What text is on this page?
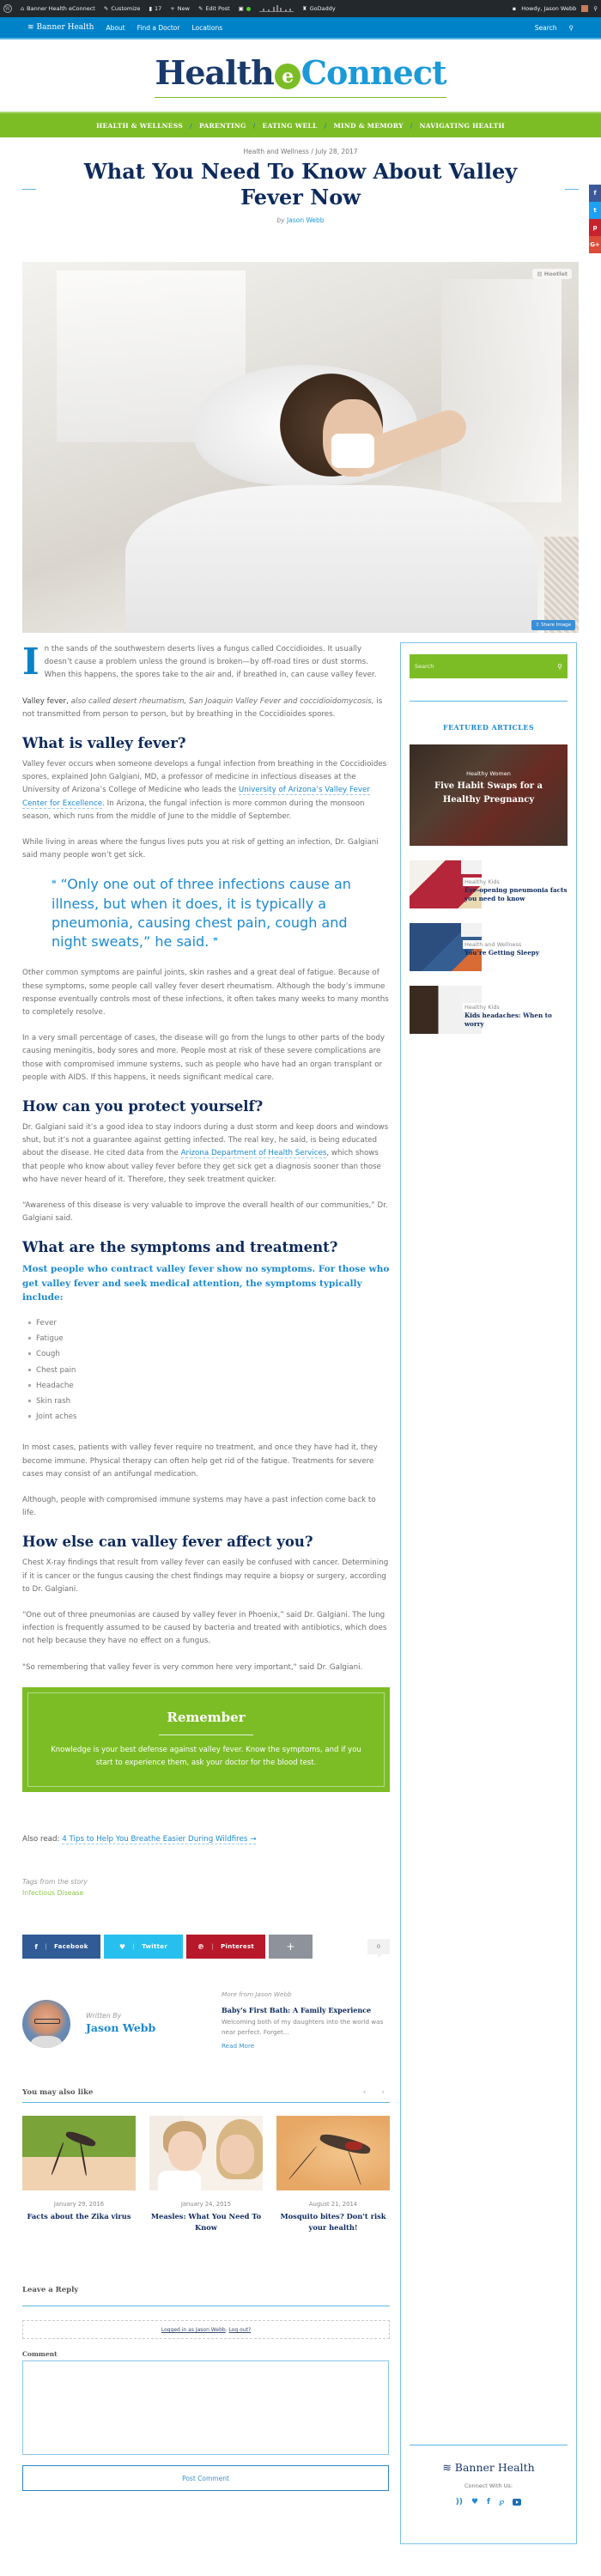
W ⌂ Banner Health eConnect ✎ Customize ▮ 17 + New ✎ Edit Post ▣	♜ GoDaddy	▪ Howdy, Jason Webb	⚲
≋ Banner Health About Find a Doctor Locations	Search ⚲
Health e Connect
HEALTH & WELLNESS / PARENTING / EATING WELL / MIND & MEMORY / NAVIGATING HEALTH
Health and Wellness / July 28, 2017
What You Need To Know About Valley Fever Now
by Jason Webb
f
t
p
G+
▤ Hootlet
⇪ Share Image

In the sands of the southwestern deserts lives a fungus called Coccidioides. It usually doesn’t cause a problem unless the ground is broken—by off-road tires or dust storms. When this happens, the spores take to the air and, if breathed in, can cause valley fever.

Valley fever, also called desert rheumatism, San Joaquin Valley Fever and coccidioidomycosis, is not transmitted from person to person, but by breathing in the Coccidioides spores.

What is valley fever?

Valley fever occurs when someone develops a fungal infection from breathing in the Coccidioides spores, explained John Galgiani, MD, a professor of medicine in infectious diseases at the University of Arizona’s College of Medicine who leads the University of Arizona’s Valley Fever Center for Excellence. In Arizona, the fungal infection is more common during the monsoon season, which runs from the middle of June to the middle of September.

While living in areas where the fungus lives puts you at risk of getting an infection, Dr. Galgiani said many people won’t get sick.

❝ “Only one out of three infections cause an illness, but when it does, it is typically a pneumonia, causing chest pain, cough and night sweats,” he said. ❞

Other common symptoms are painful joints, skin rashes and a great deal of fatigue. Because of these symptoms, some people call valley fever desert rheumatism. Although the body’s immune response eventually controls most of these infections, it often takes many weeks to many months to completely resolve.

In a very small percentage of cases, the disease will go from the lungs to other parts of the body causing meningitis, body sores and more. People most at risk of these severe complications are those with compromised immune systems, such as people who have had an organ transplant or people with AIDS. If this happens, it needs significant medical care.

How can you protect yourself?

Dr. Galgiani said it’s a good idea to stay indoors during a dust storm and keep doors and windows shut, but it’s not a guarantee against getting infected. The real key, he said, is being educated about the disease. He cited data from the Arizona Department of Health Services, which shows that people who know about valley fever before they get sick get a diagnosis sooner than those who have never heard of it. Therefore, they seek treatment quicker.

“Awareness of this disease is very valuable to improve the overall health of our communities,” Dr. Galgiani said.

What are the symptoms and treatment?
Most people who contract valley fever show no symptoms. For those who get valley fever and seek medical attention, the symptoms typically include:
Fever
Fatigue
Cough
Chest pain
Headache
Skin rash
Joint aches

In most cases, patients with valley fever require no treatment, and once they have had it, they become immune. Physical therapy can often help get rid of the fatigue. Treatments for severe cases may consist of an antifungal medication.

Although, people with compromised immune systems may have a past infection come back to life.

How else can valley fever affect you?

Chest X-ray findings that result from valley fever can easily be confused with cancer. Determining if it is cancer or the fungus causing the chest findings may require a biopsy or surgery, according to Dr. Galgiani.

“One out of three pneumonias are caused by valley fever in Phoenix,” said Dr. Galgiani. The lung infection is frequently assumed to be caused by bacteria and treated with antibiotics, which does not help because they have no effect on a fungus.

"So remembering that valley fever is very common here very important," said Dr. Galgiani.

Remember

Knowledge is your best defense against valley fever. Know the symptoms, and if you start to experience them, ask your doctor for the blood test.

Also read: 4 Tips to Help You Breathe Easier During Wildfires →
Tags from the story
Infectious Disease
f | Facebook	♥ | Twitter	℗ | Pinterest	+	0
Written By
Jason Webb
More from Jason Webb
Baby's First Bath: A Family Experience
Welcoming both of my daughters into the world was near perfect. Forget...
Read More
You may also like	‹ ›
January 29, 2016
Facts about the Zika virus
January 24, 2015
Measles: What You Need To Know
August 21, 2014
Mosquito bites? Don't risk your health!
Leave a Reply
Logged in as Jason Webb . Log out?
Comment
Post Comment
Search
⚲
FEATURED ARTICLES
Healthy Women
Five Habit Swaps for a Healthy Pregnancy
Healthy Kids
Eye-opening pneumonia facts you need to know
Health and Wellness
You’re Getting Sleepy
Healthy Kids
Kids headaches: When to worry
≋ Banner Health
Connect With Us:
)) ♥ f ℘
